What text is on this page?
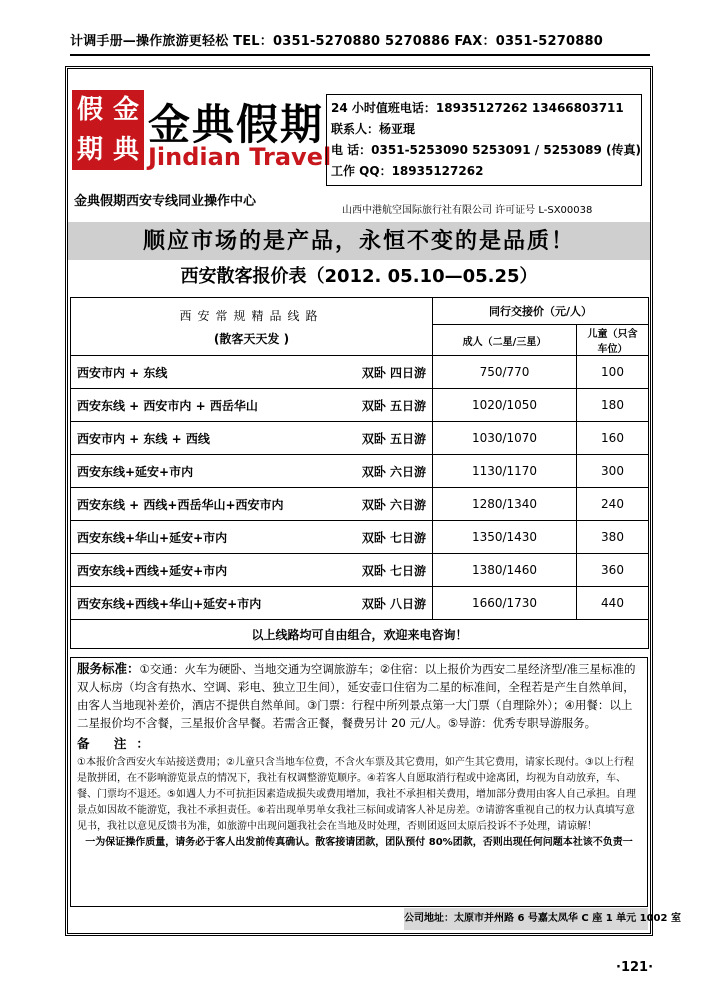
计调手册—操作旅游更轻松 TEL：0351-5270880 5270886 FAX：0351-5270880
假 金
期 典
金典假期
Jindian Travel
24 小时值班电话：18935127262 13466803711
联系人：杨亚琨
电 话：0351-5253090 5253091 / 5253089 (传真)
工作 QQ：18935127262
金典假期西安专线同业操作中心
山西中港航空国际旅行社有限公司 许可证号 L-SX00038
顺应市场的是产品，永恒不变的是品质！
西安散客报价表（2012. 05.10—05.25）
西安常规精品线路
(散客天天发 )	同行交接价（元/人）	
	成人（二星/三星）	儿童（只含车位）
西安市内 + 东线 双卧 四日游	750/770	100
西安东线 + 西安市内 + 西岳华山 双卧 五日游	1020/1050	180
西安市内 + 东线 + 西线 双卧 五日游	1030/1070	160
西安东线+延安+市内 双卧 六日游	1130/1170	300
西安东线 + 西线+西岳华山+西安市内 双卧 六日游	1280/1340	240
西安东线+华山+延安+市内 双卧 七日游	1350/1430	380
西安东线+西线+延安+市内 双卧 七日游	1380/1460	360
西安东线+西线+华山+延安+市内 双卧 八日游	1660/1730	440
以上线路均可自由组合，欢迎来电咨询！		
服务标准：①交通：火车为硬卧、当地交通为空调旅游车；②住宿：以上报价为西安二星经济型/准三星标准的双人标房（均含有热水、空调、彩电、独立卫生间），延安壶口住宿为二星的标准间，全程若是产生自然单间，由客人当地现补差价，酒店不提供自然单间。③门票：行程中所列景点第一大门票（自理除外）；④用餐：以上二星报价均不含餐，三星报价含早餐。若需含正餐，餐费另计 20 元/人。⑤导游：优秀专职导游服务。
备 注：
①本报价含西安火车站接送费用；②儿童只含当地车位费，不含火车票及其它费用，如产生其它费用，请家长现付。③以上行程是散拼团，在不影响游览景点的情况下，我社有权调整游览顺序。④若客人自愿取消行程或中途离团，均视为自动放弃，车、餐、门票均不退还。⑤如遇人力不可抗拒因素造成损失或费用增加，我社不承担相关费用，增加部分费用由客人自己承担。自理景点如因故不能游览，我社不承担责任。⑥若出现单男单女我社三标间或请客人补足房差。⑦请游客重视自己的权力认真填写意见书，我社以意见反馈书为准，如旅游中出现问题我社会在当地及时处理，否则团返回太原后投诉不予处理，请谅解！
一为保证操作质量，请务必于客人出发前传真确认。散客接请团款，团队预付 80%团款，否则出现任何问题本社该不负责一
公司地址：太原市并州路 6 号嘉太凤华 C 座 1 单元 1002 室
·121·
